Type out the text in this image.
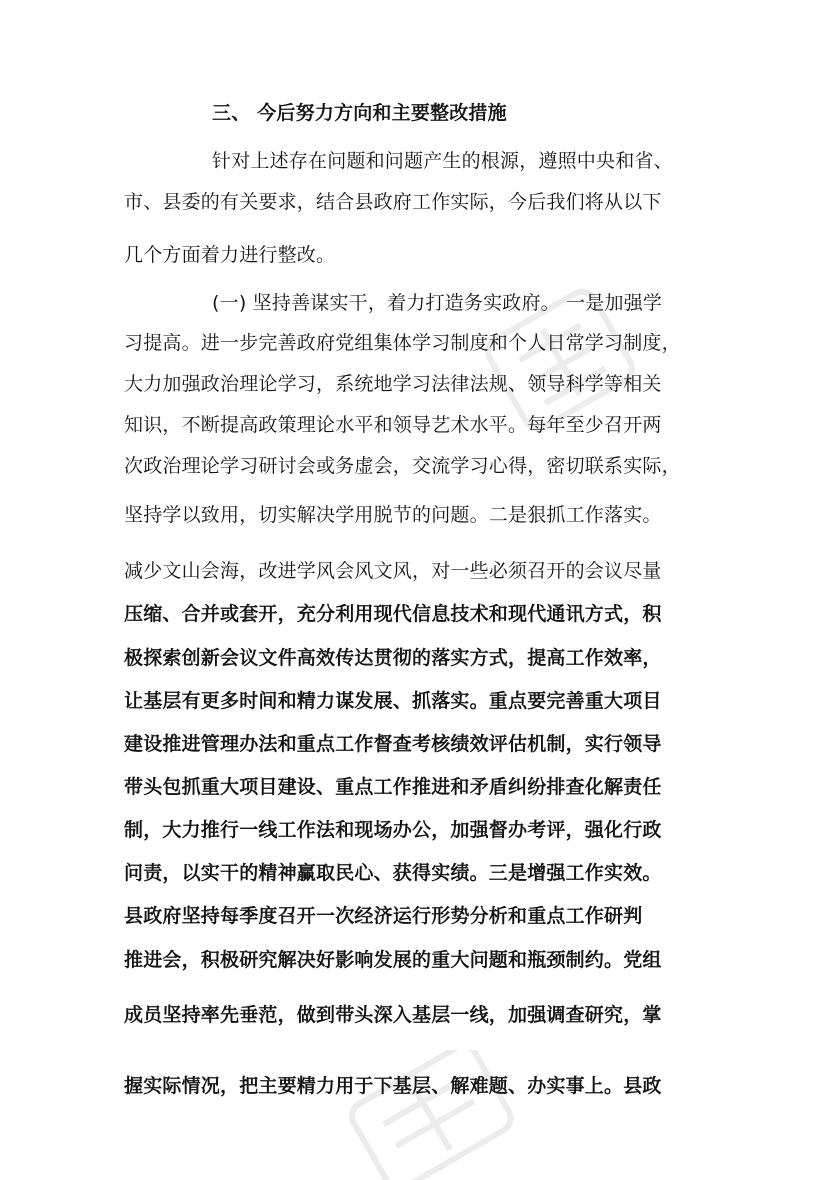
三、 今后努力方向和主要整改措施
针对上述存在问题和问题产生的根源，遵照中央和省、
市、县委的有关要求，结合县政府工作实际，今后我们将从以下
几个方面着力进行整改。
(一) 坚持善谋实干，着力打造务实政府。 一是加强学
习提高。进一步完善政府党组集体学习制度和个人日常学习制度，
大力加强政治理论学习，系统地学习法律法规、领导科学等相关
知识，不断提高政策理论水平和领导艺术水平。每年至少召开两
次政治理论学习研讨会或务虚会，交流学习心得，密切联系实际，
坚持学以致用，切实解决学用脱节的问题。二是狠抓工作落实。
减少文山会海，改进学风会风文风，对一些必须召开的会议尽量
压缩、合并或套开，充分利用现代信息技术和现代通讯方式，积
极探索创新会议文件高效传达贯彻的落实方式，提高工作效率，
让基层有更多时间和精力谋发展、抓落实。重点要完善重大项目
建设推进管理办法和重点工作督查考核绩效评估机制，实行领导
带头包抓重大项目建设、重点工作推进和矛盾纠纷排查化解责任
制，大力推行一线工作法和现场办公，加强督办考评，强化行政
问责，以实干的精神赢取民心、获得实绩。三是增强工作实效。
县政府坚持每季度召开一次经济运行形势分析和重点工作研判
推进会，积极研究解决好影响发展的重大问题和瓶颈制约。党组
成员坚持率先垂范，做到带头深入基层一线，加强调查研究，掌
握实际情况，把主要精力用于下基层、解难题、办实事上。县政
